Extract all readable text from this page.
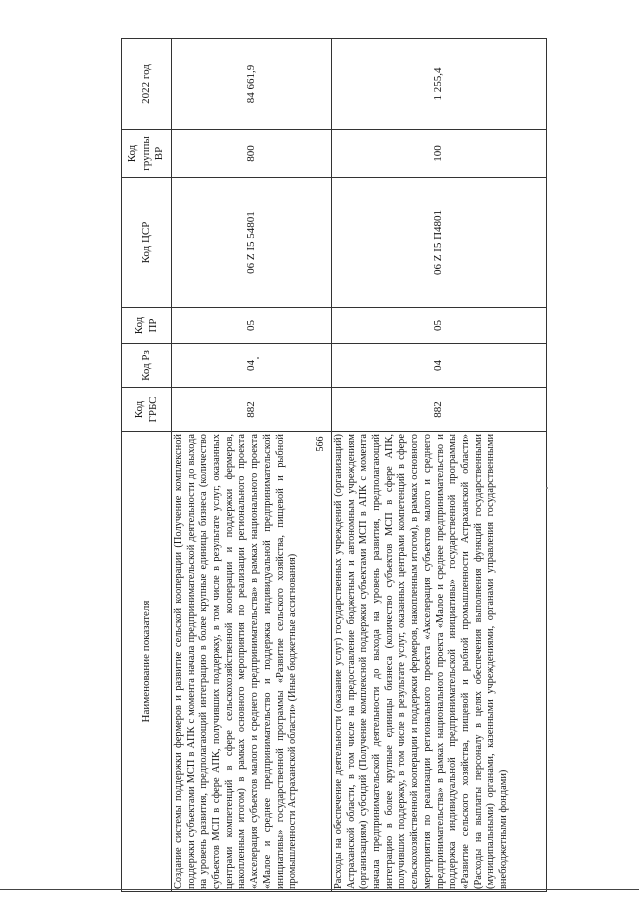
566
Наименование показателя	Код ГРБС	Код Рз	Код ПР	Код ЦСР	Код группы ВР	2022 год
Создание системы поддержки фермеров и развитие сельской кооперации (Получение комплексной поддержки субъектами МСП в АПК с момента начала предпринимательской деятельности до выхода на уровень развития, предполагающий интеграцию в более крупные единицы бизнеса (количество субъектов МСП в сфере АПК, получивших поддержку, в том числе в результате услуг, оказанных центрами компетенций в сфере сельскохозяйственной кооперации и поддержки фермеров, накопленным итогом) в рамках основного мероприятия по реализации регионального проекта «Акселерация субъектов малого и среднего предпринимательства» в рамках национального проекта «Малое и среднее предпринимательство и поддержка индивидуальной предпринимательской инициативы» государственной программы «Развитие сельского хозяйства, пищевой и рыбной промышленности Астраханской области» (Иные бюджетные ассигнования)	882	04	05	06 Z I5 54801	800	84 661,9
Расходы на обеспечение деятельности (оказание услуг) государственных учреждений (организаций) Астраханской области, в том числе на предоставление бюджетным и автономным учреждениям (организациям) субсидий (Получение комплексной поддержки субъектами МСП в АПК с момента начала предпринимательской деятельности до выхода на уровень развития, предполагающий интеграцию в более крупные единицы бизнеса (количество субъектов МСП в сфере АПК, получивших поддержку, в том числе в результате услуг, оказанных центрами компетенций в сфере сельскохозяйственной кооперации и поддержки фермеров, накопленным итогом), в рамках основного мероприятия по реализации регионального проекта «Акселерация субъектов малого и среднего предпринимательства» в рамках национального проекта «Малое и среднее предпринимательство и поддержка индивидуальной предпринимательской инициативы» государственной программы «Развитие сельского хозяйства, пищевой и рыбной промышленности Астраханской области» (Расходы на выплаты персоналу в целях обеспечения выполнения функций государственными (муниципальными) органами, казенными учреждениями, органами управления государственными внебюджетными фондами)	882	04	05	06 Z I5 П4801	100	1 255,4
